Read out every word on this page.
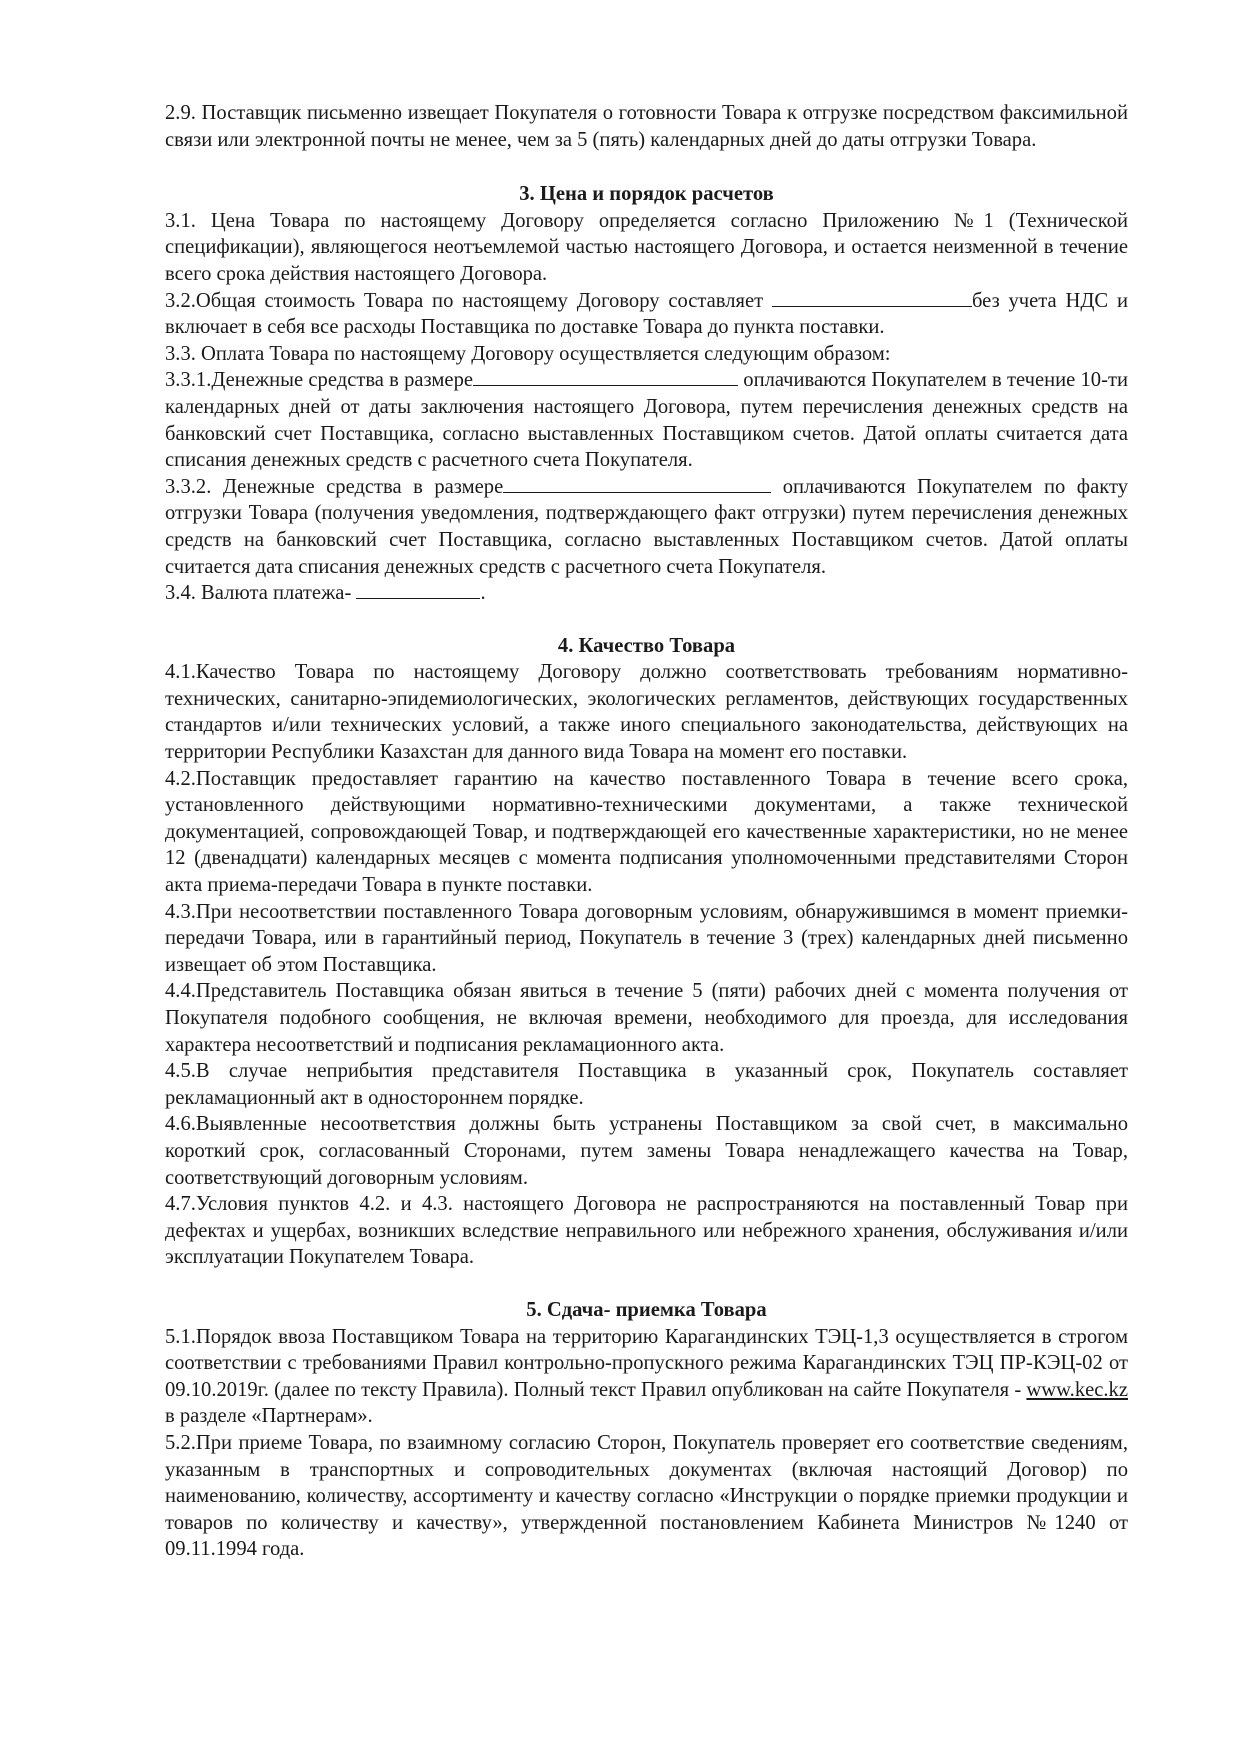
2.9. Поставщик письменно извещает Покупателя о готовности Товара к отгрузке посредством факсимильной связи или электронной почты не менее, чем за 5 (пять) календарных дней до даты отгрузки Товара.

3. Цена и порядок расчетов

3.1. Цена Товара по настоящему Договору определяется согласно Приложению №1 (Технической спецификации), являющегося неотъемлемой частью настоящего Договора, и остается неизменной в течение всего срока действия настоящего Договора.

3.2.Общая стоимость Товара по настоящему Договору составляет	без учета НДС и включает в себя все расходы Поставщика по доставке Товара до пункта поставки.

3.3. Оплата Товара по настоящему Договору осуществляется следующим образом:

3.3.1.Денежные средства в размере	оплачиваются Покупателем в течение 10-ти календарных дней от даты заключения настоящего Договора, путем перечисления денежных средств на банковский счет Поставщика, согласно выставленных Поставщиком счетов. Датой оплаты считается дата списания денежных средств с расчетного счета Покупателя.

3.3.2. Денежные средства в размере	оплачиваются Покупателем по факту отгрузки Товара (получения уведомления, подтверждающего факт отгрузки) путем перечисления денежных средств на банковский счет Поставщика, согласно выставленных Поставщиком счетов. Датой оплаты считается дата списания денежных средств с расчетного счета Покупателя.

3.4. Валюта платежа-	.

4. Качество Товара

4.1.Качество Товара по настоящему Договору должно соответствовать требованиям нормативно-технических, санитарно-эпидемиологических, экологических регламентов, действующих государственных стандартов и/или технических условий, а также иного специального законодательства, действующих на территории Республики Казахстан для данного вида Товара на момент его поставки.

4.2.Поставщик предоставляет гарантию на качество поставленного Товара в течение всего срока, установленного действующими нормативно-техническими документами, а также технической документацией, сопровождающей Товар, и подтверждающей его качественные характеристики, но не менее 12 (двенадцати) календарных месяцев с момента подписания уполномоченными представителями Сторон акта приема-передачи Товара в пункте поставки.

4.3.При несоответствии поставленного Товара договорным условиям, обнаружившимся в момент приемки-передачи Товара, или в гарантийный период, Покупатель в течение 3 (трех) календарных дней письменно извещает об этом Поставщика.

4.4.Представитель Поставщика обязан явиться в течение 5 (пяти) рабочих дней с момента получения от Покупателя подобного сообщения, не включая времени, необходимого для проезда, для исследования характера несоответствий и подписания рекламационного акта.

4.5.В случае неприбытия представителя Поставщика в указанный срок, Покупатель составляет рекламационный акт в одностороннем порядке.

4.6.Выявленные несоответствия должны быть устранены Поставщиком за свой счет, в максимально короткий срок, согласованный Сторонами, путем замены Товара ненадлежащего качества на Товар, соответствующий договорным условиям.

4.7.Условия пунктов 4.2. и 4.3. настоящего Договора не распространяются на поставленный Товар при дефектах и ущербах, возникших вследствие неправильного или небрежного хранения, обслуживания и/или эксплуатации Покупателем Товара.

5. Сдача- приемка Товара

5.1.Порядок ввоза Поставщиком Товара на территорию Карагандинских ТЭЦ-1,3 осуществляется в строгом соответствии с требованиями Правил контрольно-пропускного режима Карагандинских ТЭЦ ПР-КЭЦ-02 от 09.10.2019г. (далее по тексту Правила). Полный текст Правил опубликован на сайте Покупателя - www.kec.kz в разделе «Партнерам».

5.2.При приеме Товара, по взаимному согласию Сторон, Покупатель проверяет его соответствие сведениям, указанным в транспортных и сопроводительных документах (включая настоящий Договор) по наименованию, количеству, ассортименту и качеству согласно «Инструкции о порядке приемки продукции и товаров по количеству и качеству», утвержденной постановлением Кабинета Министров №1240 от 09.11.1994 года.
